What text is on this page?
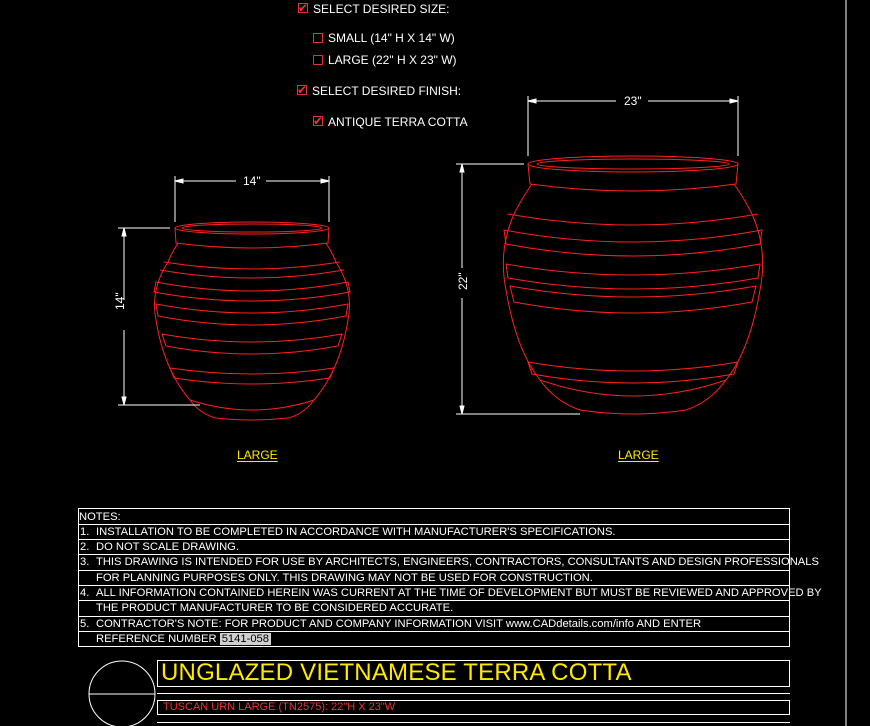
✔ SELECT DESIRED SIZE:
SMALL (14" H X 14" W)
LARGE (22" H X 23" W)
✔ SELECT DESIRED FINISH:
✔ ANTIQUE TERRA COTTA
14"
14"
23"
22"
LARGE	LARGE
NOTES:
1. INSTALLATION TO BE COMPLETED IN ACCORDANCE WITH MANUFACTURER'S SPECIFICATIONS.
2. DO NOT SCALE DRAWING.
3. THIS DRAWING IS INTENDED FOR USE BY ARCHITECTS, ENGINEERS, CONTRACTORS, CONSULTANTS AND DESIGN PROFESSIONALS
FOR PLANNING PURPOSES ONLY. THIS DRAWING MAY NOT BE USED FOR CONSTRUCTION.
4. ALL INFORMATION CONTAINED HEREIN WAS CURRENT AT THE TIME OF DEVELOPMENT BUT MUST BE REVIEWED AND APPROVED BY
THE PRODUCT MANUFACTURER TO BE CONSIDERED ACCURATE.
5. CONTRACTOR'S NOTE: FOR PRODUCT AND COMPANY INFORMATION VISIT www.CADdetails.com/info AND ENTER
REFERENCE NUMBER 5141-058
UNGLAZED VIETNAMESE TERRA COTTA
TUSCAN URN LARGE (TN2575): 22"H X 23"W
